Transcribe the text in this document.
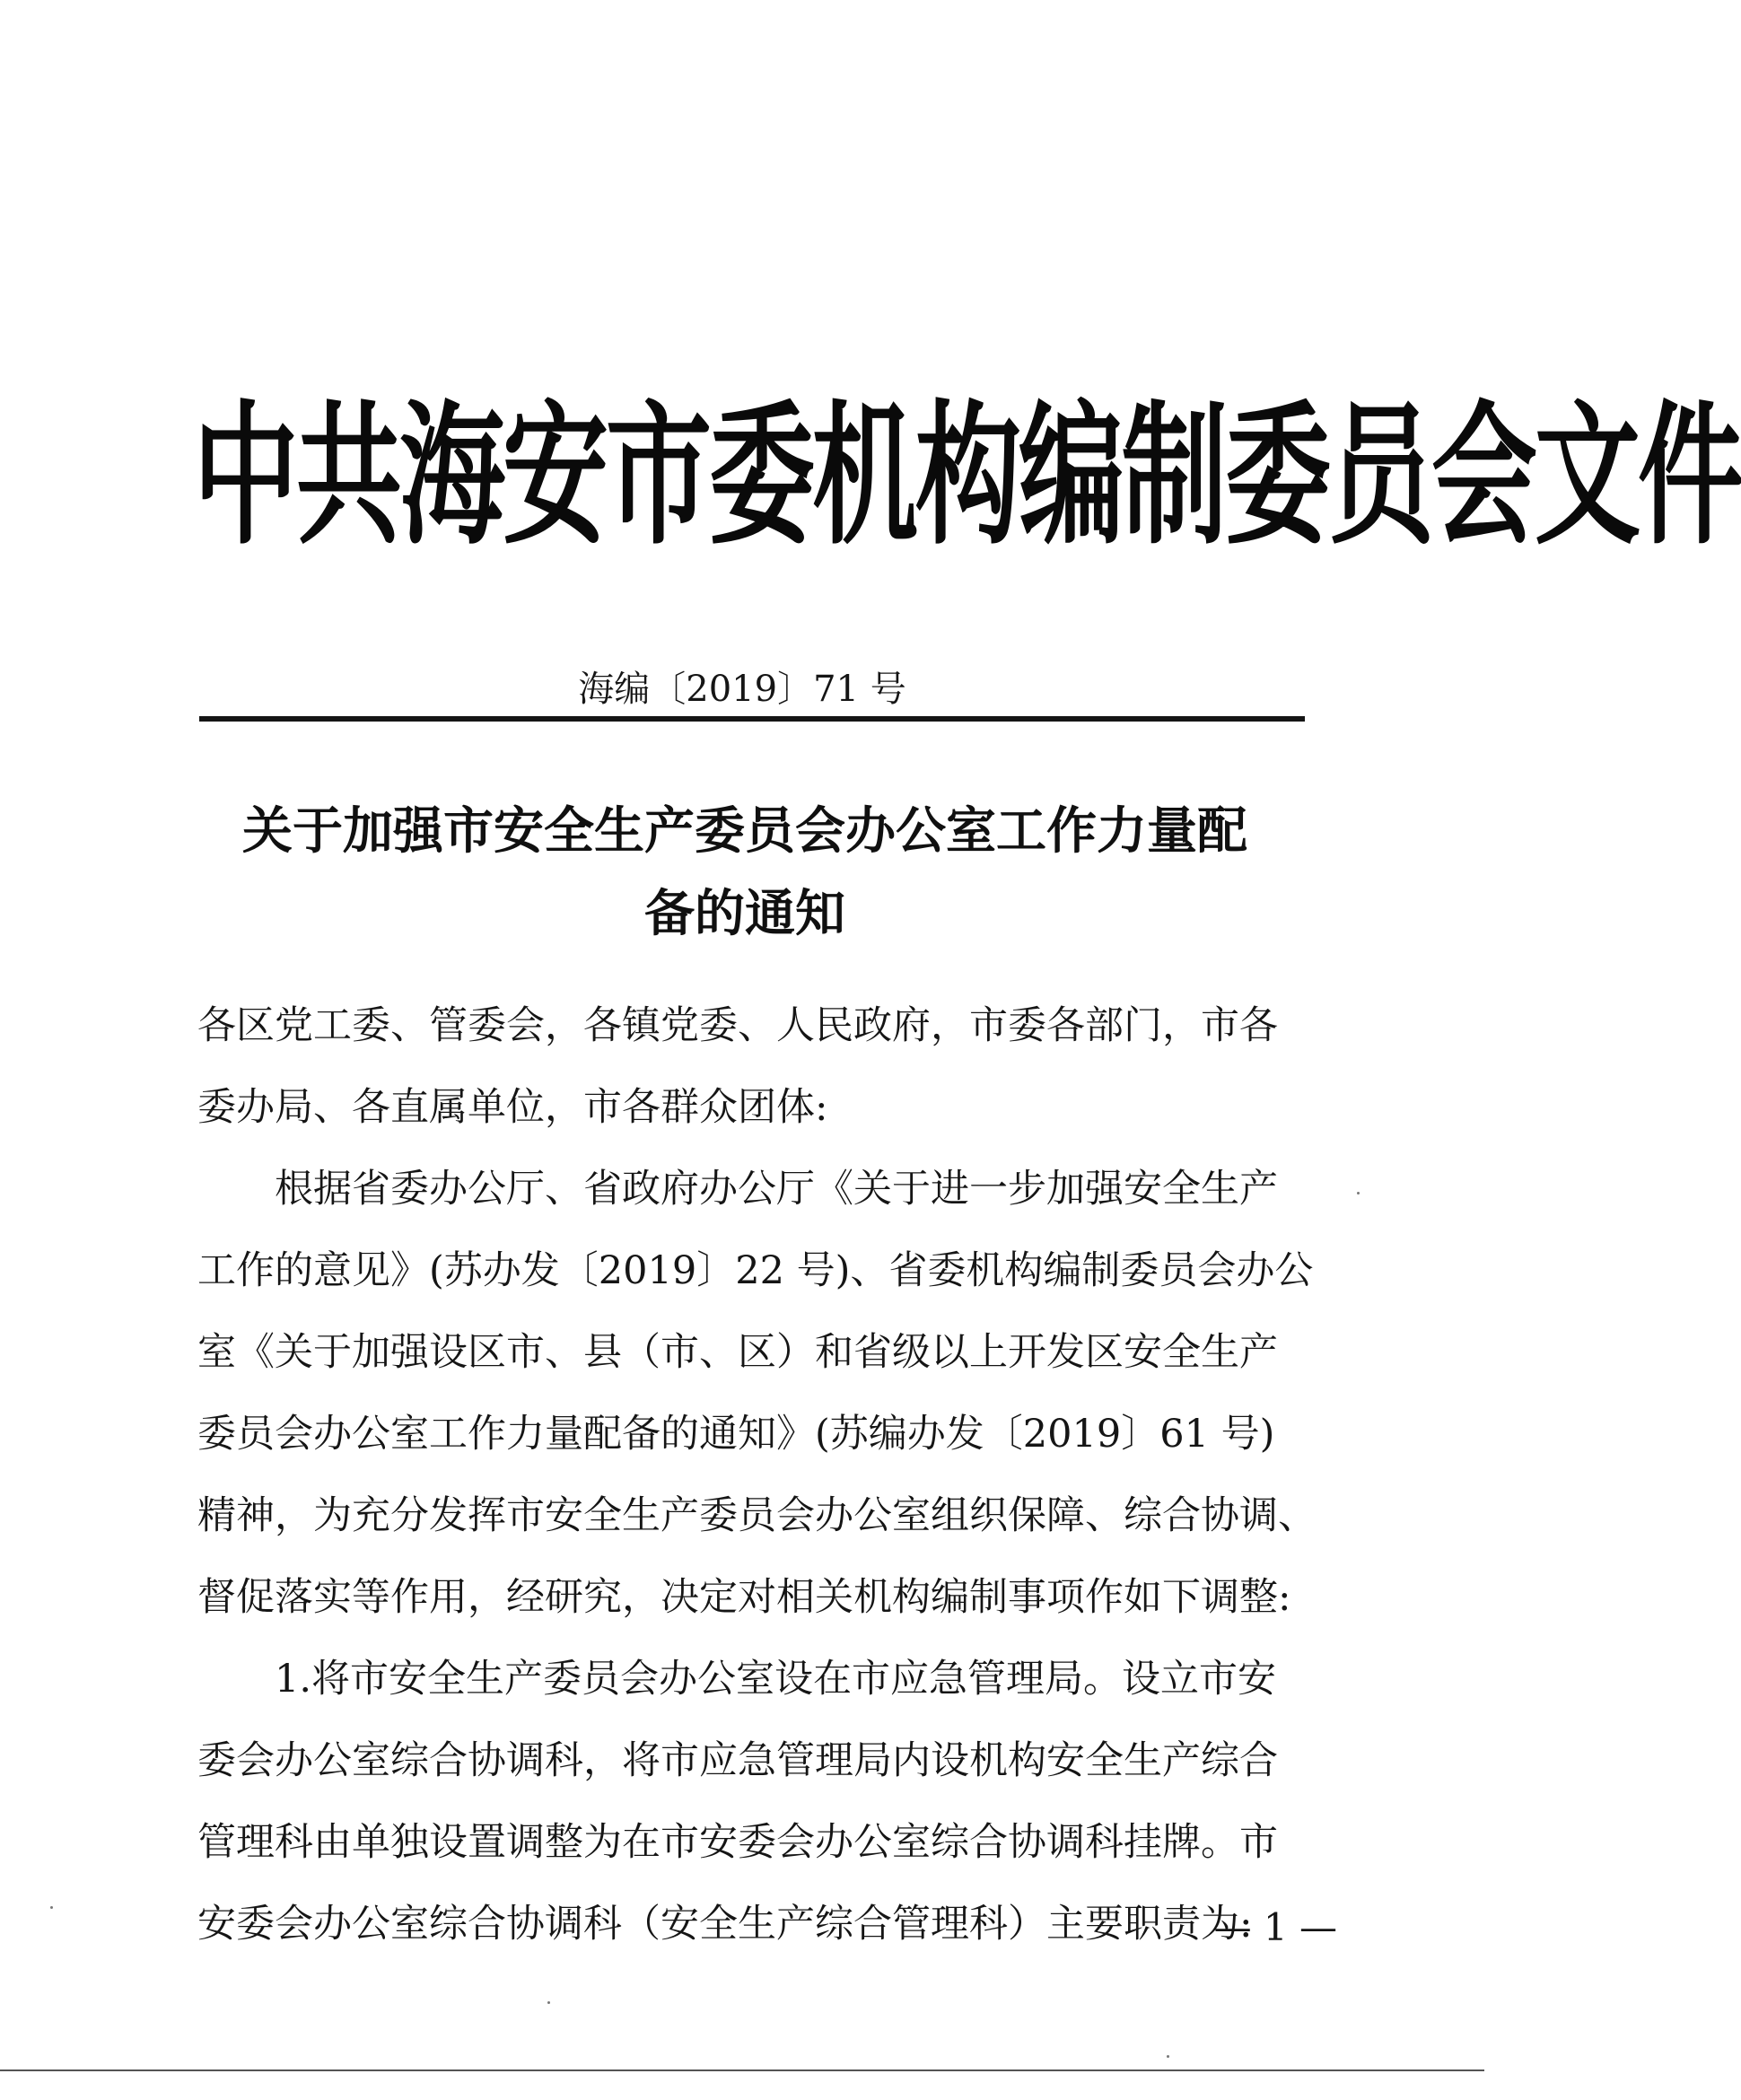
中共海安市委机构编制委员会文件
海编〔2019〕71 号
关于加强市安全生产委员会办公室工作力量配
备的通知
各区党工委、管委会，各镇党委、人民政府，市委各部门，市各
委办局、各直属单位，市各群众团体:
根据省委办公厅、省政府办公厅《关于进一步加强安全生产
工作的意见》(苏办发〔2019〕22 号)、省委机构编制委员会办公
室《关于加强设区市、县（市、区）和省级以上开发区安全生产
委员会办公室工作力量配备的通知》(苏编办发〔2019〕61 号)
精神，为充分发挥市安全生产委员会办公室组织保障、综合协调、
督促落实等作用，经研究，决定对相关机构编制事项作如下调整:
1.将市安全生产委员会办公室设在市应急管理局。设立市安
委会办公室综合协调科，将市应急管理局内设机构安全生产综合
管理科由单独设置调整为在市安委会办公室综合协调科挂牌。市
安委会办公室综合协调科（安全生产综合管理科）主要职责为:
— 1 —
